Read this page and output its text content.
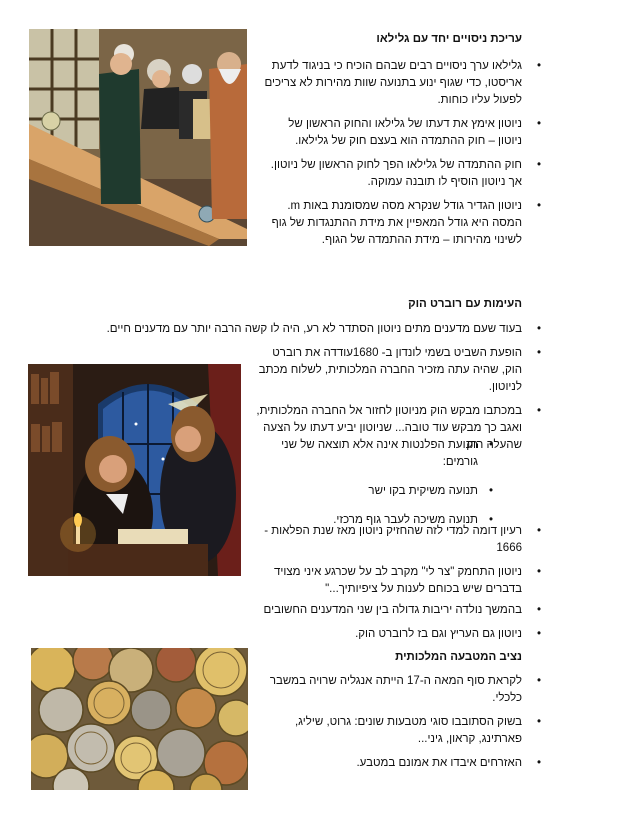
עריכת ניסויים יחד עם גלילאו
• גלילאו ערך ניסויים רבים שבהם הוכיח כי בניגוד לדעת אריסטו, כדי שגוף ינוע בתנועה שוות מהירות לא צריכים לפעול עליו כוחות.
• ניוטון אימץ את דעתו של גלילאו והחוק הראשון של ניוטון – חוק ההתמדה הוא בעצם חוק של גלילאו.
• חוק ההתמדה של גלילאו הפך לחוק הראשון של ניוטון. אך ניוטון הוסיף לו תובנה עמוקה.
• ניוטון הגדיר גודל שנקרא מסה שמסומנת באות m. המסה היא גודל המאפיין את מידת ההתנגדות של גוף לשינוי מהירותו – מידת ההתמדה של הגוף.
העימות עם רוברט הוק
• בעוד שעם מדענים מתים ניוטון הסתדר לא רע, היה לו קשה הרבה יותר עם מדענים חיים.
• הופעת השביט בשמי לונדון ב- 1680עודדה את רוברט הוק, שהיה עתה מזכיר החברה המלכותית, לשלוח מכתב לניוטון.
• במכתבו מבקש הוק מניוטון לחזור אל החברה המלכותית, ואגב כך מבקש עוד טובה... שניוטון יביע דעתו על הצעה שהעלה הוק
• תנועת הפלנטות אינה אלא תוצאה של שני גורמים:
• תנועה משיקית בקו ישר
• תנועה משיכה לעבר גוף מרכזי.
• רעיון דומה למדי לזה שהחזיק ניוטון מאז שנת הפלאות - 1666
• ניוטון התחמק "צר לי" מקרב לב על שכרגע איני מצויד בדברים שיש בכוחם לענות על ציפיותיך..."
• בהמשך נולדה יריבות גדולה בין שני המדענים החשובים
• ניוטון גם העריץ וגם בז לרוברט הוק.
נציב המטבעה המלכותית
• לקראת סוף המאה ה-17 הייתה אנגליה שרויה במשבר כלכלי.
• בשוק הסתובבו סוגי מטבעות שונים: גרוט, שיליג, פארתינג, קראון, גיני...
• האזרחים איבדו את אמונם במטבע.
